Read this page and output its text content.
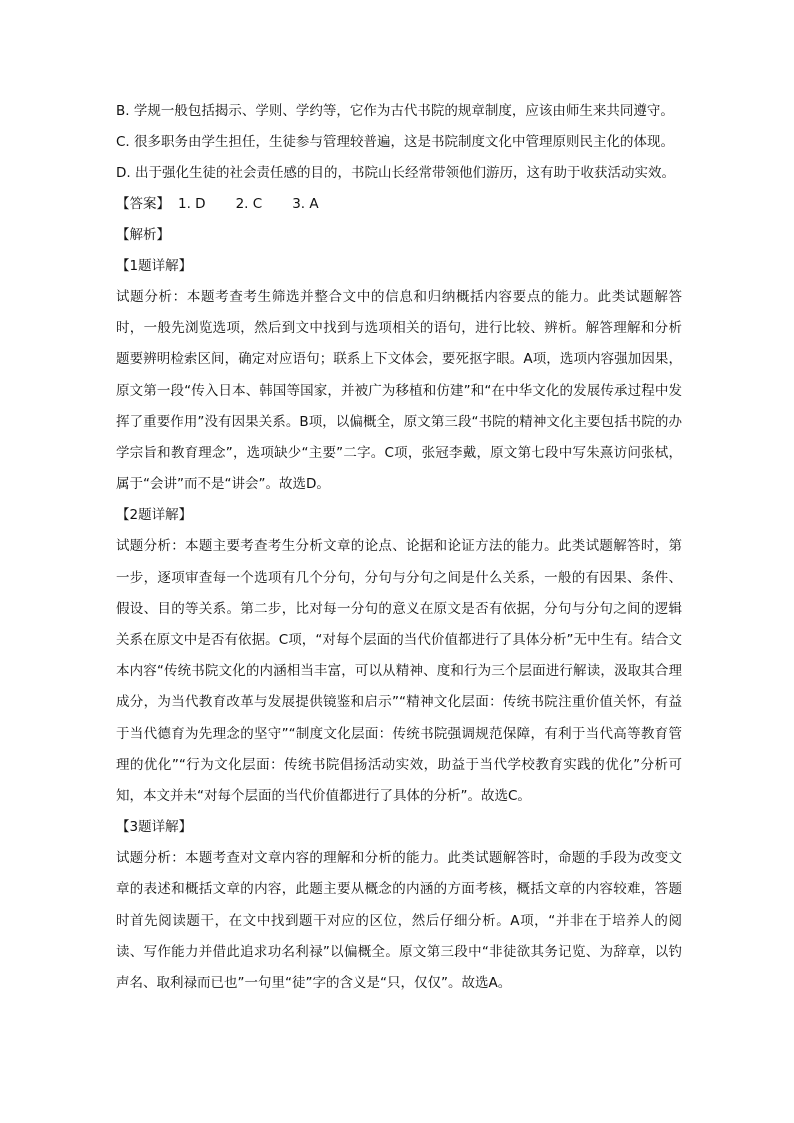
B. 学规一般包括揭示、学则、学约等，它作为古代书院的规章制度，应该由师生来共同遵守。
C. 很多职务由学生担任，生徒参与管理较普遍，这是书院制度文化中管理原则民主化的体现。
D. 出于强化生徒的社会责任感的目的，书院山长经常带领他们游历，这有助于收获活动实效。
【答案】 1. D 2. C 3. A
【解析】
【1题详解】
试题分析：本题考查考生筛选并整合文中的信息和归纳概括内容要点的能力。此类试题解答时，一般先浏览选项，然后到文中找到与选项相关的语句，进行比较、辨析。解答理解和分析题要辨明检索区间，确定对应语句；联系上下文体会，要死抠字眼。A项，选项内容强加因果，原文第一段“传入日本、韩国等国家，并被广为移植和仿建”和“在中华文化的发展传承过程中发挥了重要作用”没有因果关系。B项，以偏概全，原文第三段“书院的精神文化主要包括书院的办学宗旨和教育理念”，选项缺少“主要”二字。C项，张冠李戴，原文第七段中写朱熹访问张栻，属于“会讲”而不是“讲会”。故选D。
【2题详解】
试题分析：本题主要考查考生分析文章的论点、论据和论证方法的能力。此类试题解答时，第一步，逐项审查每一个选项有几个分句，分句与分句之间是什么关系，一般的有因果、条件、假设、目的等关系。第二步，比对每一分句的意义在原文是否有依据，分句与分句之间的逻辑关系在原文中是否有依据。C项，“对每个层面的当代价值都进行了具体分析”无中生有。结合文本内容“传统书院文化的内涵相当丰富，可以从精神、度和行为三个层面进行解读，汲取其合理成分，为当代教育改革与发展提供镜鉴和启示”“精神文化层面：传统书院注重价值关怀，有益于当代德育为先理念的坚守”“制度文化层面：传统书院强调规范保障，有利于当代高等教育管理的优化”“行为文化层面：传统书院倡扬活动实效，助益于当代学校教育实践的优化”分析可知，本文并未“对每个层面的当代价值都进行了具体的分析”。故选C。
【3题详解】
试题分析：本题考查对文章内容的理解和分析的能力。此类试题解答时，命题的手段为改变文章的表述和概括文章的内容，此题主要从概念的内涵的方面考核，概括文章的内容较难，答题时首先阅读题干，在文中找到题干对应的区位，然后仔细分析。A项，“并非在于培养人的阅读、写作能力并借此追求功名利禄”以偏概全。原文第三段中“非徒欲其务记览、为辞章，以钓声名、取利禄而已也”一句里“徒”字的含义是“只，仅仅”。故选A。
